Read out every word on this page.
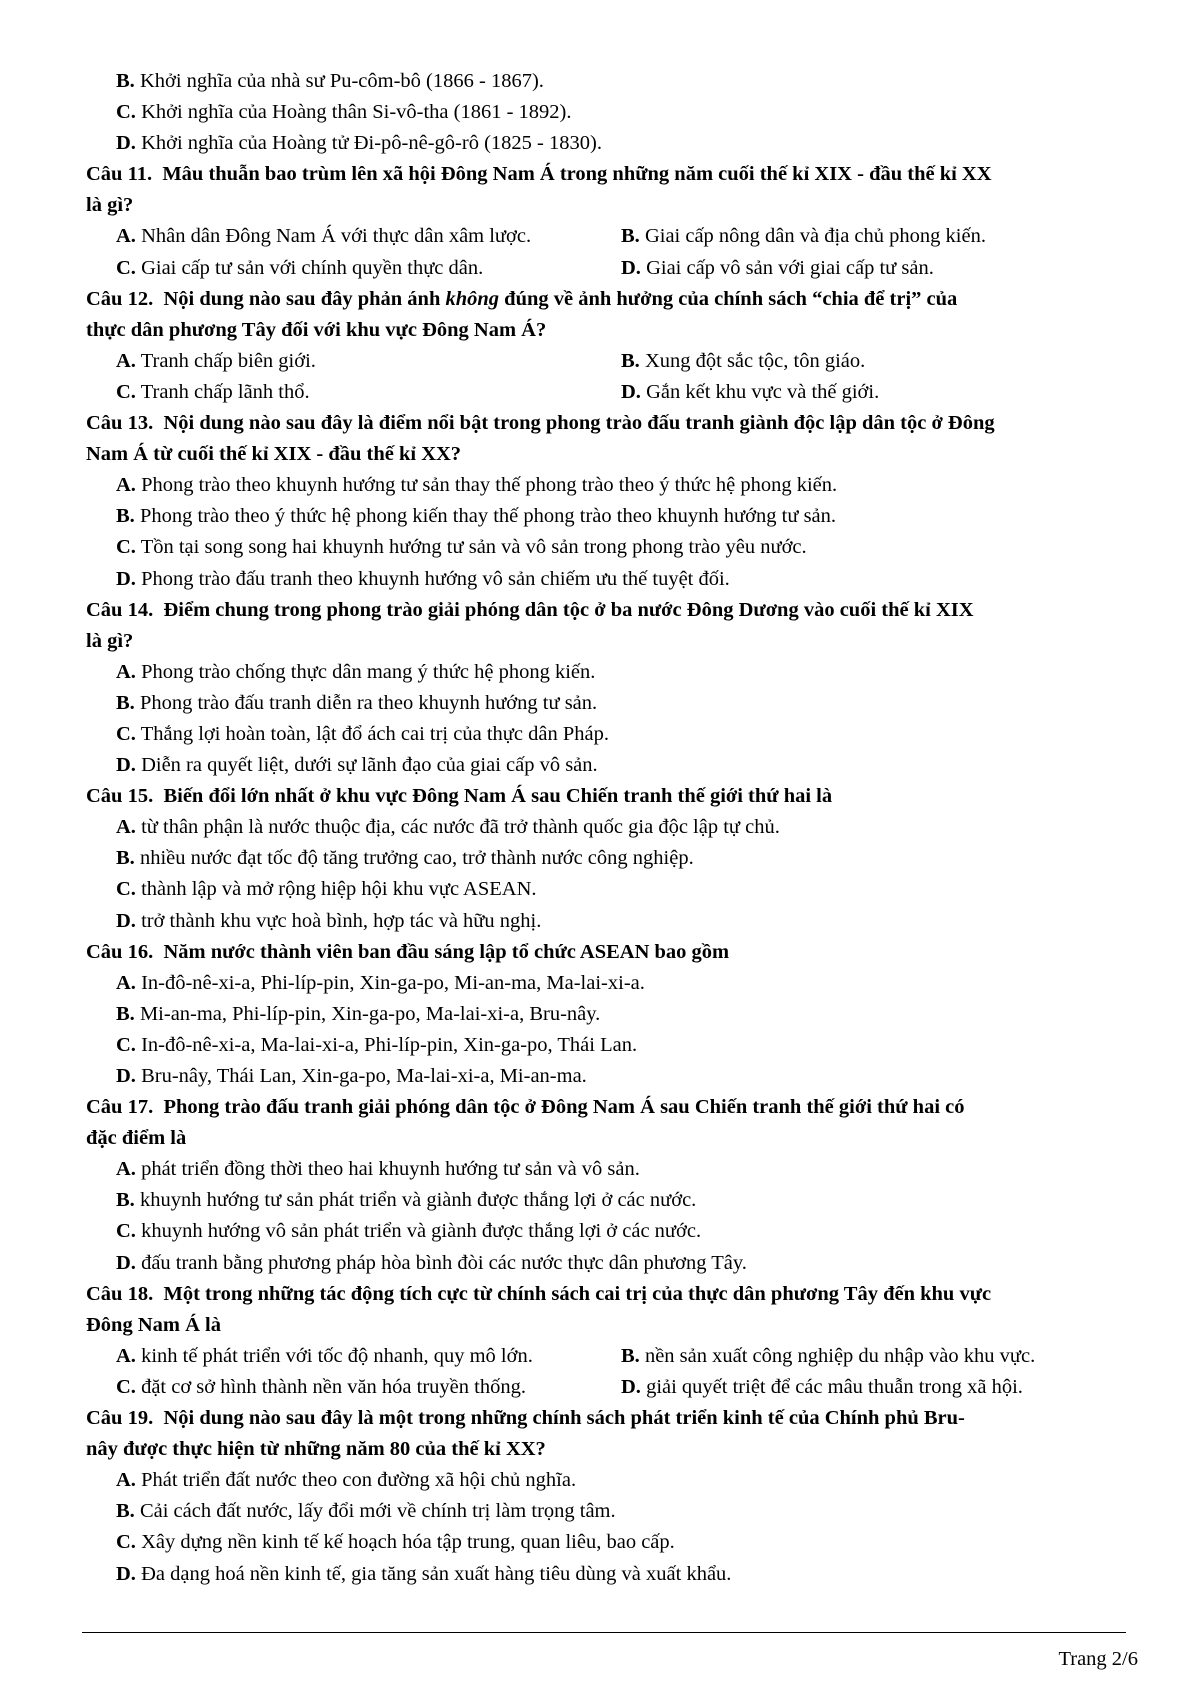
B. Khởi nghĩa của nhà sư Pu-côm-bô (1866 - 1867).
C. Khởi nghĩa của Hoàng thân Si-vô-tha (1861 - 1892).
D. Khởi nghĩa của Hoàng tử Đi-pô-nê-gô-rô (1825 - 1830).
Câu 11. Mâu thuẫn bao trùm lên xã hội Đông Nam Á trong những năm cuối thế kỉ XIX - đầu thế kỉ XX
là gì?
A. Nhân dân Đông Nam Á với thực dân xâm lược.	B. Giai cấp nông dân và địa chủ phong kiến.
C. Giai cấp tư sản với chính quyền thực dân.	D. Giai cấp vô sản với giai cấp tư sản.
Câu 12. Nội dung nào sau đây phản ánh không đúng về ảnh hưởng của chính sách “chia để trị” của
thực dân phương Tây đối với khu vực Đông Nam Á?
A. Tranh chấp biên giới.	B. Xung đột sắc tộc, tôn giáo.
C. Tranh chấp lãnh thổ.	D. Gắn kết khu vực và thế giới.
Câu 13. Nội dung nào sau đây là điểm nổi bật trong phong trào đấu tranh giành độc lập dân tộc ở Đông
Nam Á từ cuối thế kỉ XIX - đầu thế kỉ XX?
A. Phong trào theo khuynh hướng tư sản thay thế phong trào theo ý thức hệ phong kiến.
B. Phong trào theo ý thức hệ phong kiến thay thế phong trào theo khuynh hướng tư sản.
C. Tồn tại song song hai khuynh hướng tư sản và vô sản trong phong trào yêu nước.
D. Phong trào đấu tranh theo khuynh hướng vô sản chiếm ưu thế tuyệt đối.
Câu 14. Điểm chung trong phong trào giải phóng dân tộc ở ba nước Đông Dương vào cuối thế kỉ XIX
là gì?
A. Phong trào chống thực dân mang ý thức hệ phong kiến.
B. Phong trào đấu tranh diễn ra theo khuynh hướng tư sản.
C. Thắng lợi hoàn toàn, lật đổ ách cai trị của thực dân Pháp.
D. Diễn ra quyết liệt, dưới sự lãnh đạo của giai cấp vô sản.
Câu 15. Biến đổi lớn nhất ở khu vực Đông Nam Á sau Chiến tranh thế giới thứ hai là
A. từ thân phận là nước thuộc địa, các nước đã trở thành quốc gia độc lập tự chủ.
B. nhiều nước đạt tốc độ tăng trưởng cao, trở thành nước công nghiệp.
C. thành lập và mở rộng hiệp hội khu vực ASEAN.
D. trở thành khu vực hoà bình, hợp tác và hữu nghị.
Câu 16. Năm nước thành viên ban đầu sáng lập tổ chức ASEAN bao gồm
A. In-đô-nê-xi-a, Phi-líp-pin, Xin-ga-po, Mi-an-ma, Ma-lai-xi-a.
B. Mi-an-ma, Phi-líp-pin, Xin-ga-po, Ma-lai-xi-a, Bru-nây.
C. In-đô-nê-xi-a, Ma-lai-xi-a, Phi-líp-pin, Xin-ga-po, Thái Lan.
D. Bru-nây, Thái Lan, Xin-ga-po, Ma-lai-xi-a, Mi-an-ma.
Câu 17. Phong trào đấu tranh giải phóng dân tộc ở Đông Nam Á sau Chiến tranh thế giới thứ hai có
đặc điểm là
A. phát triển đồng thời theo hai khuynh hướng tư sản và vô sản.
B. khuynh hướng tư sản phát triển và giành được thắng lợi ở các nước.
C. khuynh hướng vô sản phát triển và giành được thắng lợi ở các nước.
D. đấu tranh bằng phương pháp hòa bình đòi các nước thực dân phương Tây.
Câu 18. Một trong những tác động tích cực từ chính sách cai trị của thực dân phương Tây đến khu vực
Đông Nam Á là
A. kinh tế phát triển với tốc độ nhanh, quy mô lớn.	B. nền sản xuất công nghiệp du nhập vào khu vực.
C. đặt cơ sở hình thành nền văn hóa truyền thống.	D. giải quyết triệt để các mâu thuẫn trong xã hội.
Câu 19. Nội dung nào sau đây là một trong những chính sách phát triển kinh tế của Chính phủ Bru-
nây được thực hiện từ những năm 80 của thế kỉ XX?
A. Phát triển đất nước theo con đường xã hội chủ nghĩa.
B. Cải cách đất nước, lấy đổi mới về chính trị làm trọng tâm.
C. Xây dựng nền kinh tế kế hoạch hóa tập trung, quan liêu, bao cấp.
D. Đa dạng hoá nền kinh tế, gia tăng sản xuất hàng tiêu dùng và xuất khẩu.
Trang 2/6
